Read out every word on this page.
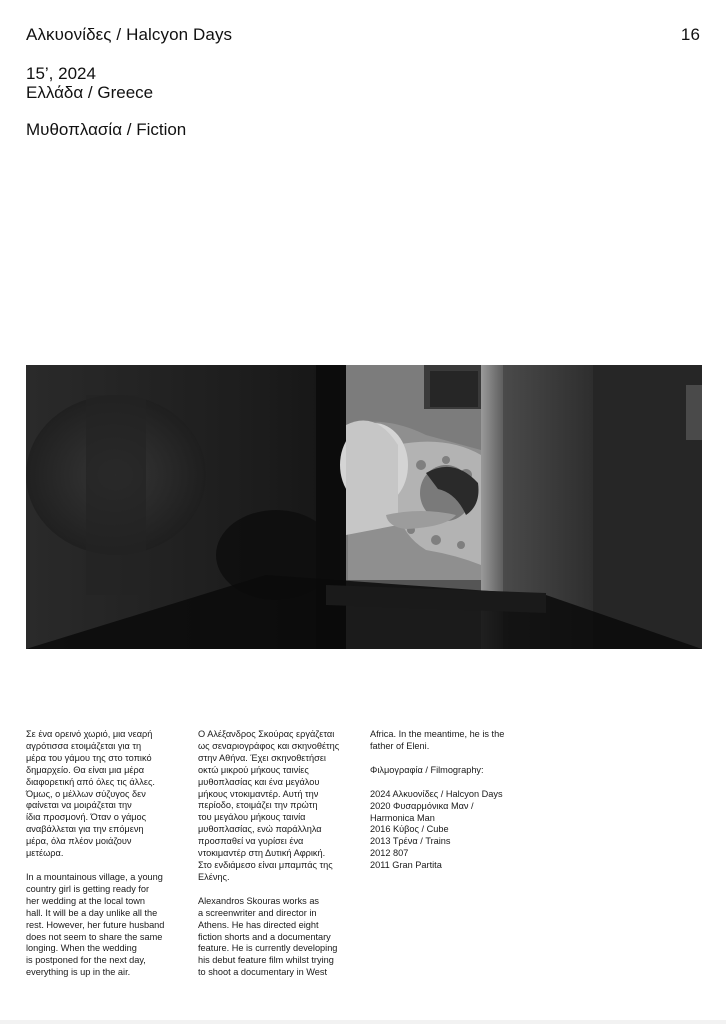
Αλκυονίδες / Halcyon Days	16
15’, 2024
Ελλάδα / Greece
Μυθοπλασία / Fiction

Σε ένα ορεινό χωριό, μια νεαρή
αγρότισσα ετοιμάζεται για τη
μέρα του γάμου της στο τοπικό
δημαρχείο. Θα είναι μια μέρα
διαφορετική από όλες τις άλλες.
Όμως, ο μέλλων σύζυγος δεν
φαίνεται να μοιράζεται την
ίδια προσμονή. Όταν ο γάμος
αναβάλλεται για την επόμενη
μέρα, όλα πλέον μοιάζουν
μετέωρα.

In a mountainous village, a young
country girl is getting ready for
her wedding at the local town
hall. It will be a day unlike all the
rest. However, her future husband
does not seem to share the same
longing. When the wedding
is postponed for the next day,
everything is up in the air.

Ο Αλέξανδρος Σκούρας εργάζεται
ως σεναριογράφος και σκηνοθέτης
στην Αθήνα. Έχει σκηνοθετήσει
οκτώ μικρού μήκους ταινίες
μυθοπλασίας και ένα μεγάλου
μήκους ντοκιμαντέρ. Αυτή την
περίοδο, ετοιμάζει την πρώτη
του μεγάλου μήκους ταινία
μυθοπλασίας, ενώ παράλληλα
προσπαθεί να γυρίσει ένα
ντοκιμαντέρ στη Δυτική Αφρική.
Στο ενδιάμεσο είναι μπαμπάς της
Ελένης.

Alexandros Skouras works as
a screenwriter and director in
Athens. He has directed eight
fiction shorts and a documentary
feature. He is currently developing
his debut feature film whilst trying
to shoot a documentary in West

Africa. In the meantime, he is the
father of Eleni.

Φιλμογραφία / Filmography:

2024 Αλκυονίδες / Halcyon Days
2020 Φυσαρμόνικα Μαν /
Harmonica Man
2016 Κύβος / Cube
2013 Τρένα / Trains
2012 807
2011 Gran Partita
